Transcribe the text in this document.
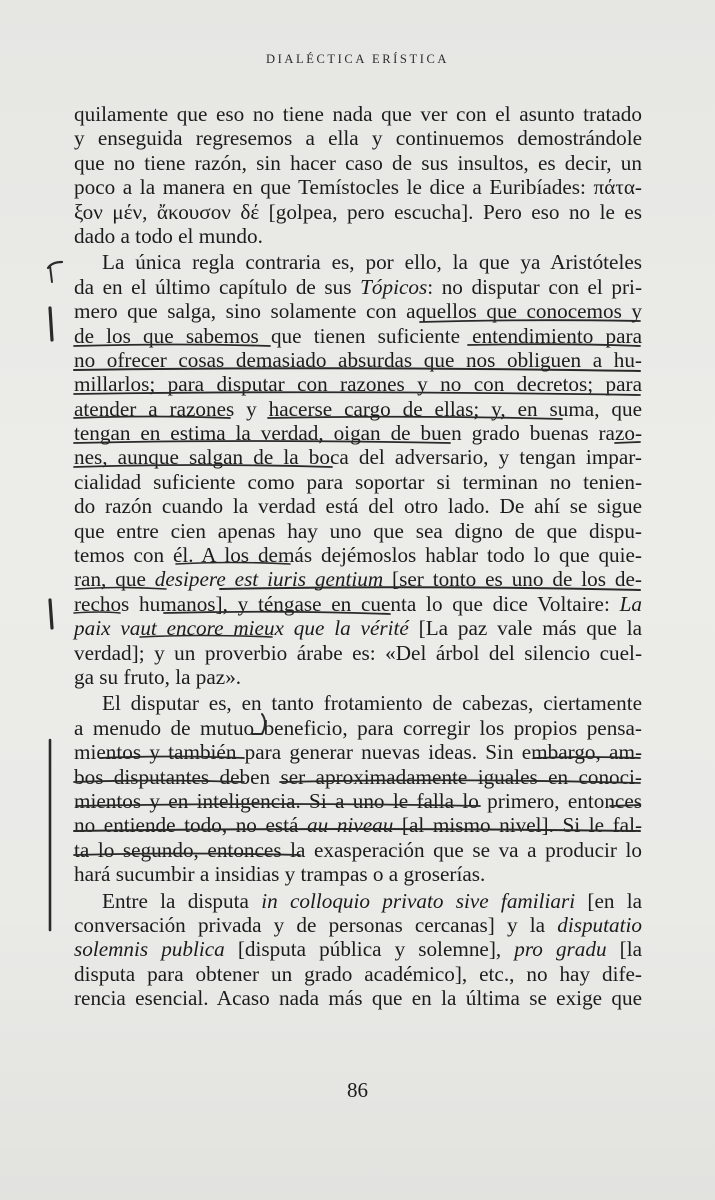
DIALÉCTICA ERÍSTICA
quilamente que eso no tiene nada que ver con el asunto tratado
y enseguida regresemos a ella y continuemos demostrándole
que no tiene razón, sin hacer caso de sus insultos, es decir, un
poco a la manera en que Temístocles le dice a Euribíades: πάτα-
ξον μέν, ἄκουσον δέ [golpea, pero escucha]. Pero eso no le es
dado a todo el mundo.
La única regla contraria es, por ello, la que ya Aristóteles
da en el último capítulo de sus Tópicos: no disputar con el pri-
mero que salga, sino solamente con aquellos que conocemos y
de los que sabemos que tienen suficiente entendimiento para
no ofrecer cosas demasiado absurdas que nos obliguen a hu-
millarlos; para disputar con razones y no con decretos; para
atender a razones y hacerse cargo de ellas; y, en suma, que
tengan en estima la verdad, oigan de buen grado buenas razo-
nes, aunque salgan de la boca del adversario, y tengan impar-
cialidad suficiente como para soportar si terminan no tenien-
do razón cuando la verdad está del otro lado. De ahí se sigue
que entre cien apenas hay uno que sea digno de que dispu-
temos con él. A los demás dejémoslos hablar todo lo que quie-
ran, que desipere est iuris gentium [ser tonto es uno de los de-
rechos humanos], y téngase en cuenta lo que dice Voltaire: La
paix vaut encore mieux que la vérité [La paz vale más que la
verdad]; y un proverbio árabe es: «Del árbol del silencio cuel-
ga su fruto, la paz».
El disputar es, en tanto frotamiento de cabezas, ciertamente
a menudo de mutuo beneficio, para corregir los propios pensa-
mientos y también para generar nuevas ideas. Sin embargo, am-
bos disputantes deben ser aproximadamente iguales en conoci-
mientos y en inteligencia. Si a uno le falla lo primero, entonces
no entiende todo, no está au niveau [al mismo nivel]. Si le fal-
ta lo segundo, entonces la exasperación que se va a producir lo
hará sucumbir a insidias y trampas o a groserías.
Entre la disputa in colloquio privato sive familiari [en la
conversación privada y de personas cercanas] y la disputatio
solemnis publica [disputa pública y solemne], pro gradu [la
disputa para obtener un grado académico], etc., no hay dife-
rencia esencial. Acaso nada más que en la última se exige que
86
